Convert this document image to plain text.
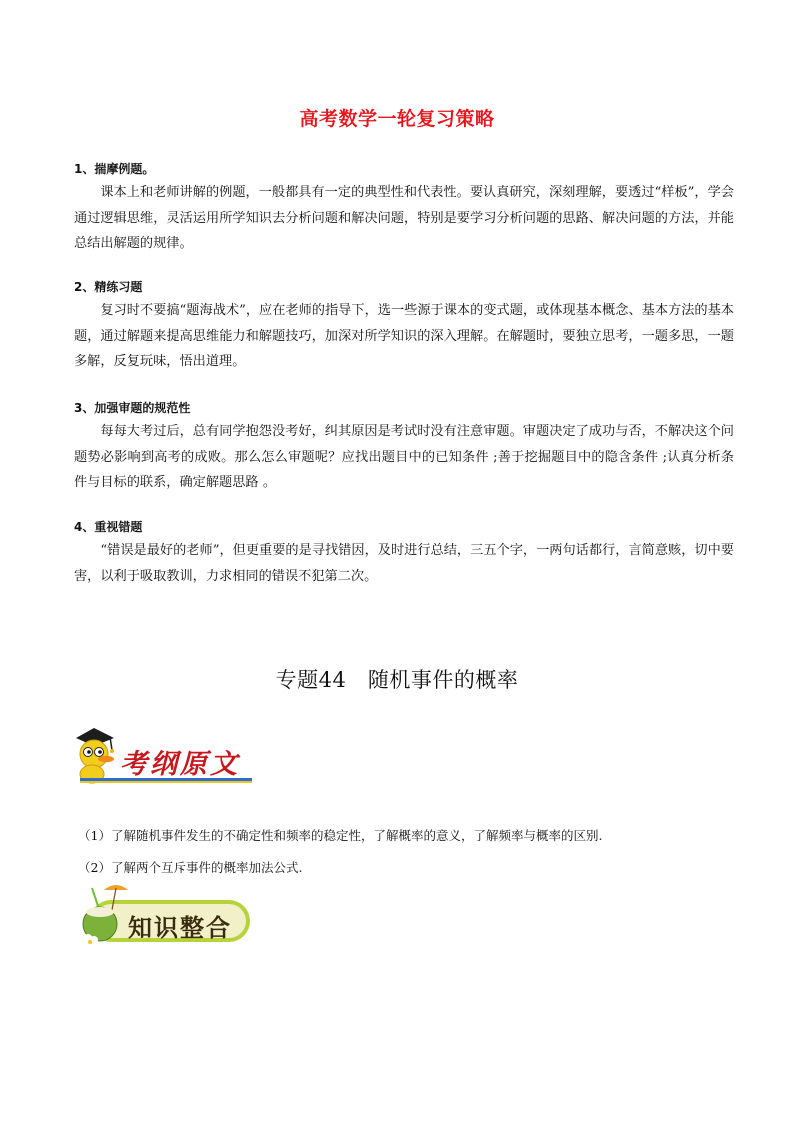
高考数学一轮复习策略

1、揣摩例题。

课本上和老师讲解的例题，一般都具有一定的典型性和代表性。要认真研究，深刻理解，要透过“样板”，学会通过逻辑思维，灵活运用所学知识去分析问题和解决问题，特别是要学习分析问题的思路、解决问题的方法，并能总结出解题的规律。

2、精练习题

复习时不要搞“题海战术”，应在老师的指导下，选一些源于课本的变式题，或体现基本概念、基本方法的基本题，通过解题来提高思维能力和解题技巧，加深对所学知识的深入理解。在解题时，要独立思考，一题多思，一题多解，反复玩味，悟出道理。

3、加强审题的规范性

每每大考过后，总有同学抱怨没考好，纠其原因是考试时没有注意审题。审题决定了成功与否，不解决这个问题势必影响到高考的成败。那么怎么审题呢？应找出题目中的已知条件 ;善于挖掘题目中的隐含条件 ;认真分析条件与目标的联系，确定解题思路 。

4、重视错题

“错误是最好的老师”，但更重要的是寻找错因，及时进行总结，三五个字，一两句话都行，言简意赅，切中要害，以利于吸取教训，力求相同的错误不犯第二次。

专题44　随机事件的概率
考纲原文
（1）了解随机事件发生的不确定性和频率的稳定性，了解概率的意义，了解频率与概率的区别.
（2）了解两个互斥事件的概率加法公式.
知识整合
